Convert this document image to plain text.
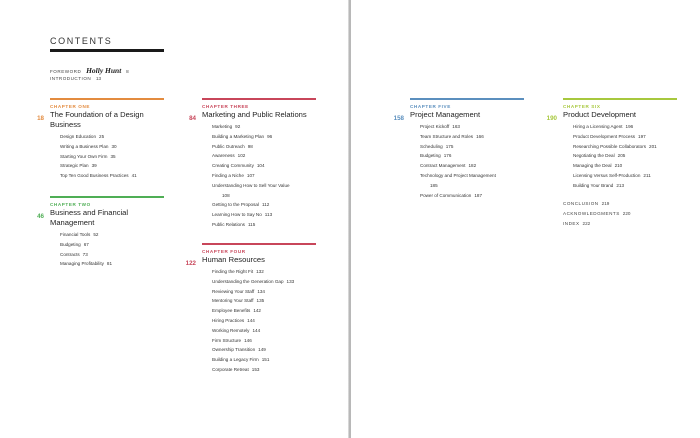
CONTENTS
FOREWORD Holly Hunt 8
INTRODUCTION 13
CHAPTER ONE
18 The Foundation of a Design
Business
Design Education 25
Writing a Business Plan 30
Starting Your Own Firm 35
Strategic Plan 39
Top Ten Good Business Practices 41
CHAPTER TWO
46 Business and Financial
Management
Financial Tools 52
Budgeting 67
Contracts 73
Managing Profitability 81
CHAPTER THREE
84 Marketing and Public Relations
Marketing 92
Building a Marketing Plan 96
Public Outreach 98
Awareness 102
Creating Community 104
Finding a Niche 107
Understanding How to Sell Your Value
108
Getting to the Proposal 112
Learning How to Say No 113
Public Relations 115
CHAPTER FOUR
122 Human Resources
Finding the Right Fit 132
Understanding the Generation Gap 133
Reviewing Your Staff 134
Mentoring Your Staff 135
Employee Benefits 142
Hiring Practices 144
Working Remotely 144
Firm Structure 146
Ownership Transition 149
Building a Legacy Firm 151
Corporate Retreat 153
CHAPTER FIVE
158 Project Management
Project Kickoff 163
Team Structure and Roles 166
Scheduling 175
Budgeting 176
Contract Management 182
Technology and Project Management
185
Power of Communication 187
CHAPTER SIX
190 Product Development
Hiring a Licensing Agent 196
Product Development Process 197
Researching Possible Collaborators 201
Negotiating the Deal 205
Managing the Deal 210
Licensing Versus Self-Production 211
Building Your Brand 213
CONCLUSION 219
ACKNOWLEDGMENTS 220
INDEX 222
